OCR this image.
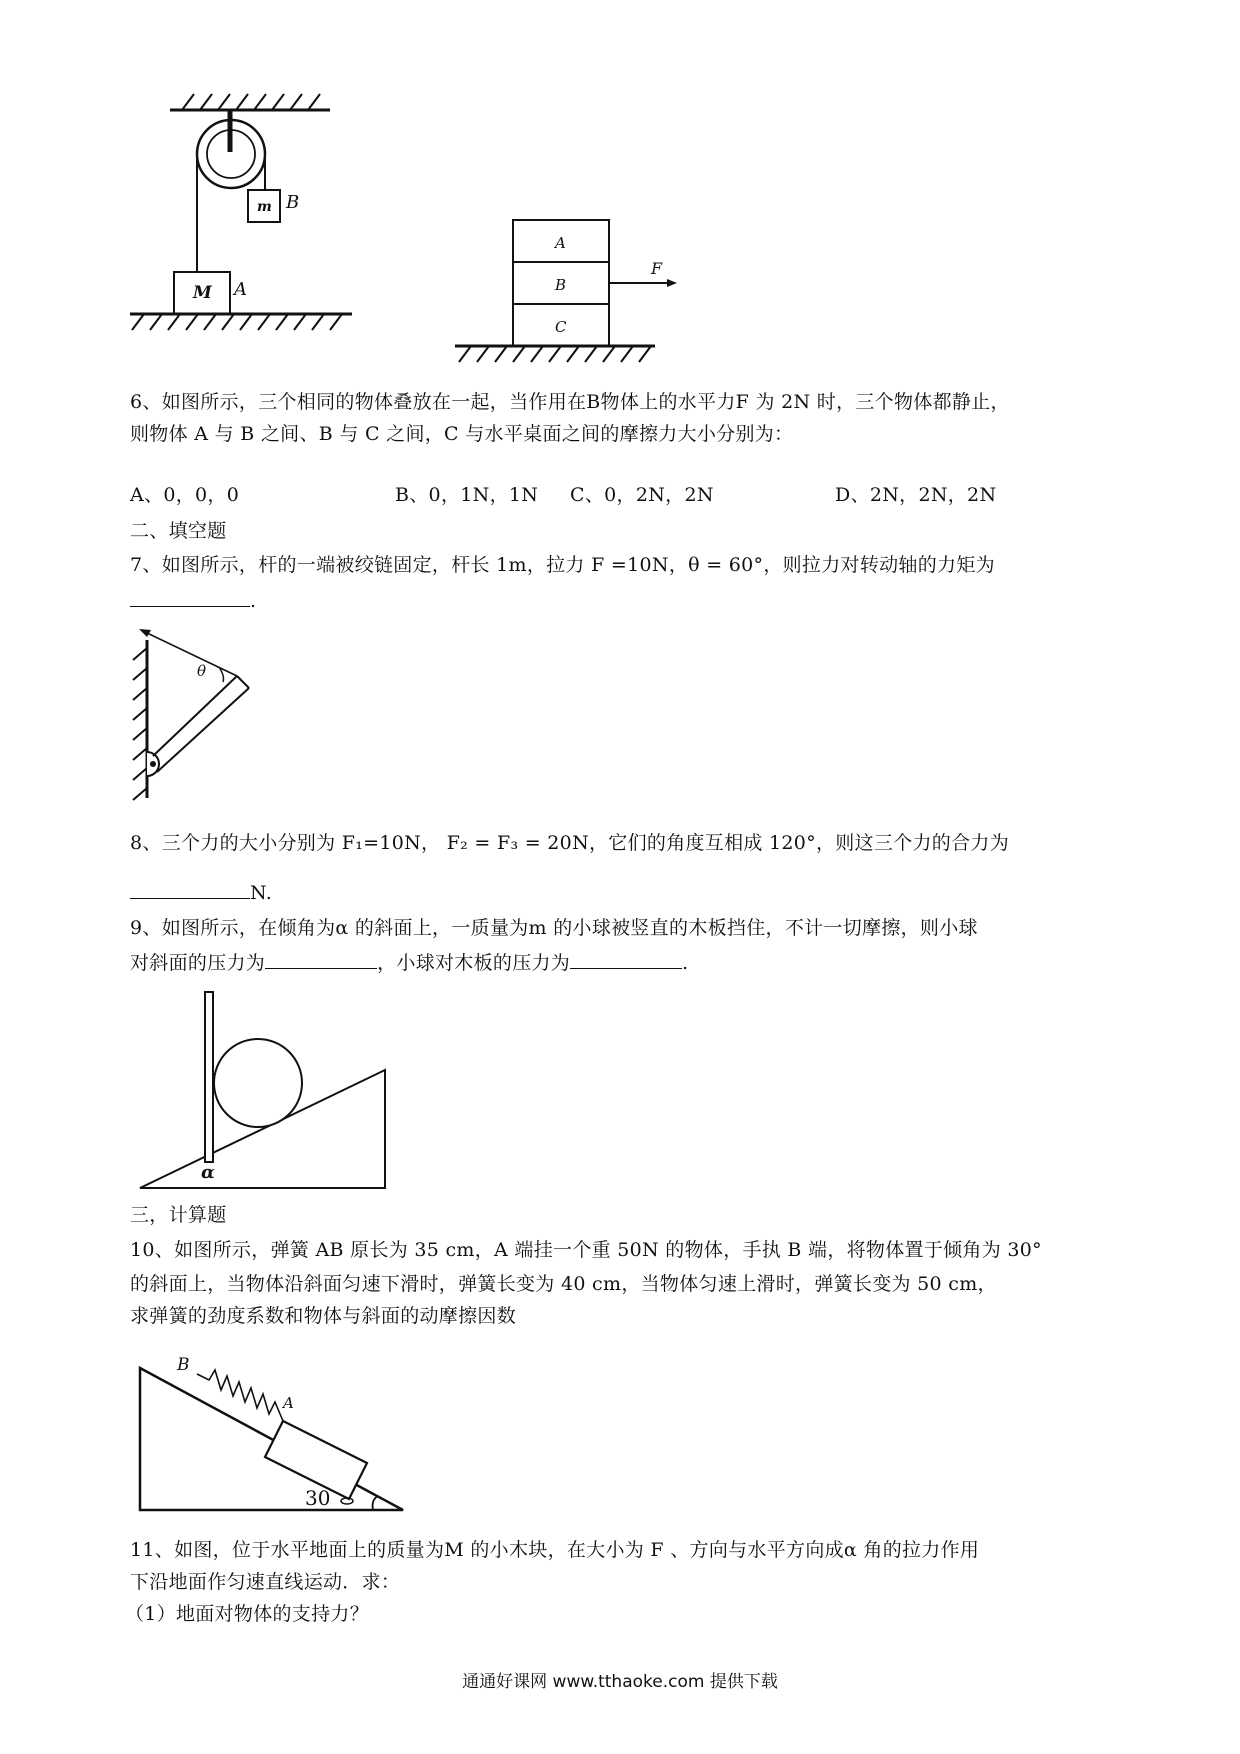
m B
M A
A
B
C
F
6、如图所示，三个相同的物体叠放在一起，当作用在B物体上的水平力F 为 2N 时，三个物体都静止，
则物体 A 与 B 之间、B 与 C 之间，C 与水平桌面之间的摩擦力大小分别为：
A、0，0，0	B、0，1N，1N C、0，2N，2N	D、2N，2N，2N
二、填空题
7、如图所示，杆的一端被绞链固定，杆长 1m，拉力 F =10N，θ = 60°，则拉力对转动轴的力矩为
.
θ
8、三个力的大小分别为 F₁=10N， F₂ = F₃ = 20N，它们的角度互相成 120°，则这三个力的合力为
N.
9、如图所示，在倾角为α 的斜面上，一质量为m 的小球被竖直的木板挡住，不计一切摩擦，则小球
对斜面的压力为	，小球对木板的压力为	.
α
三，计算题
10、如图所示，弹簧 AB 原长为 35 cm，A 端挂一个重 50N 的物体，手执 B 端，将物体置于倾角为 30°
的斜面上，当物体沿斜面匀速下滑时，弹簧长变为 40 cm，当物体匀速上滑时，弹簧长变为 50 cm，
求弹簧的劲度系数和物体与斜面的动摩擦因数
B
A
30
11、如图，位于水平地面上的质量为M 的小木块，在大小为 F 、方向与水平方向成α 角的拉力作用
下沿地面作匀速直线运动．求：
（1）地面对物体的支持力？
通通好课网 www.tthaoke.com 提供下载
